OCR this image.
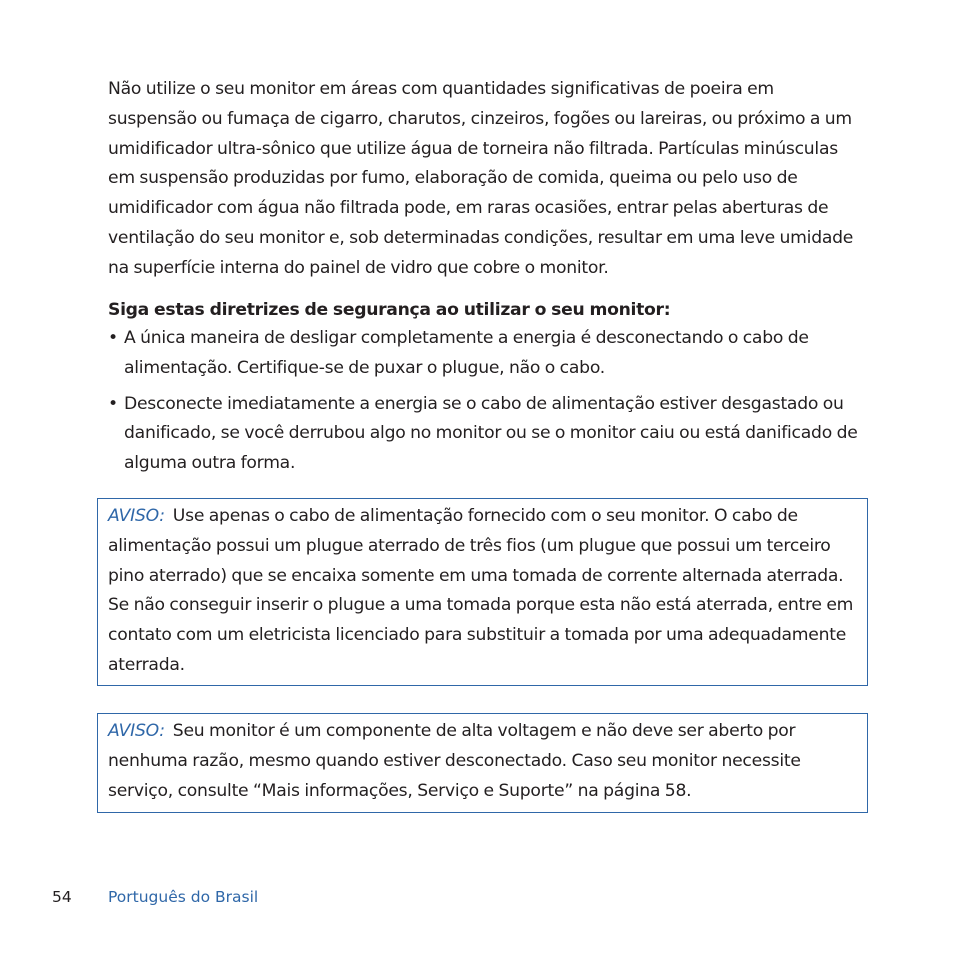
Não utilize o seu monitor em áreas com quantidades significativas de poeira em suspensão ou fumaça de cigarro, charutos, cinzeiros, fogões ou lareiras, ou próximo a um umidificador ultra-sônico que utilize água de torneira não filtrada. Partículas minúsculas em suspensão produzidas por fumo, elaboração de comida, queima ou pelo uso de umidificador com água não filtrada pode, em raras ocasiões, entrar pelas aberturas de ventilação do seu monitor e, sob determinadas condições, resultar em uma leve umidade na superfície interna do painel de vidro que cobre o monitor.

Siga estas diretrizes de segurança ao utilizar o seu monitor:

• A única maneira de desligar completamente a energia é desconectando o cabo de alimentação. Certifique-se de puxar o plugue, não o cabo.
• Desconecte imediatamente a energia se o cabo de alimentação estiver desgastado ou danificado, se você derrubou algo no monitor ou se o monitor caiu ou está danificado de alguma outra forma.
AVISO: Use apenas o cabo de alimentação fornecido com o seu monitor. O cabo de alimentação possui um plugue aterrado de três fios (um plugue que possui um terceiro pino aterrado) que se encaixa somente em uma tomada de corrente alternada aterrada. Se não conseguir inserir o plugue a uma tomada porque esta não está aterrada, entre em contato com um eletricista licenciado para substituir a tomada por uma adequadamente aterrada.
AVISO: Seu monitor é um componente de alta voltagem e não deve ser aberto por nenhuma razão, mesmo quando estiver desconectado. Caso seu monitor necessite serviço, consulte “Mais informações, Serviço e Suporte” na página 58.
54 Português do Brasil
